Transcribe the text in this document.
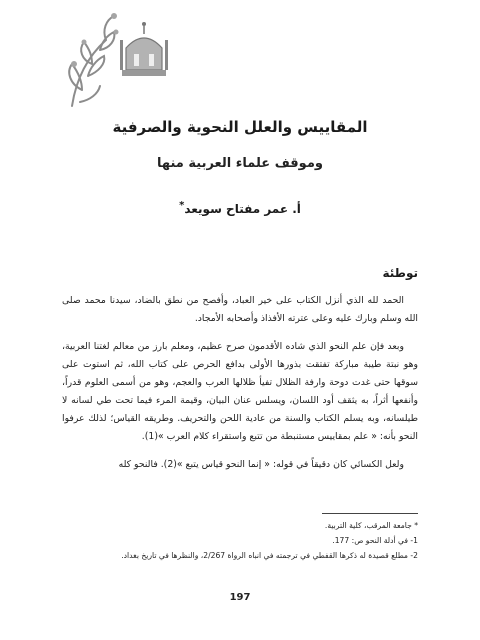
المقاييس والعلل النحوية والصرفية
وموقف علماء العربية منها
أ. عمر مفتاح سويعد*
توطئة

الحمد لله الذي أنزل الكتاب على خير العباد، وأفصح من نطق بالضاد، سيدنا محمد صلى الله وسلم وبارك عليه وعلى عترته الأفذاذ وأصحابه الأمجاد.

وبعد فإن علم النحو الذي شاده الأقدمون صرح عظيم، ومعلم بارز من معالم لغتنا العربية، وهو نبتة طيبة مباركة تفتقت بذورها الأولى بدافع الحرص على كتاب الله، ثم استوت على سوقها حتى غدت دوحة وارفة الظلال تفيأ ظلالها العرب والعجم، وهو من أسمى العلوم قدراً، وأنفعها أثراً، به يثقف أود اللسان، ويسلس عنان البيان، وقيمة المرء فيما تحت طي لسانه لا طيلسانه، وبه يسلم الكتاب والسنة من عادية اللحن والتحريف. وطريقه القياس؛ لذلك عرفوا النحو بأنه: « علم بمقاييس مستنبطة من تتبع واستقراء كلام العرب »(1).

ولعل الكسائي كان دقيقاً في قوله: « إنما النحو قياس يتبع »(2). فالنحو كله

* جامعة المرقب، كلية التربية.
1- في أدلة النحو ص: 177.
2- مطلع قصيدة له ذكرها القفطي في ترجمته في انباه الرواة 2/267، والنظرها في تاريخ بغداد.
197
